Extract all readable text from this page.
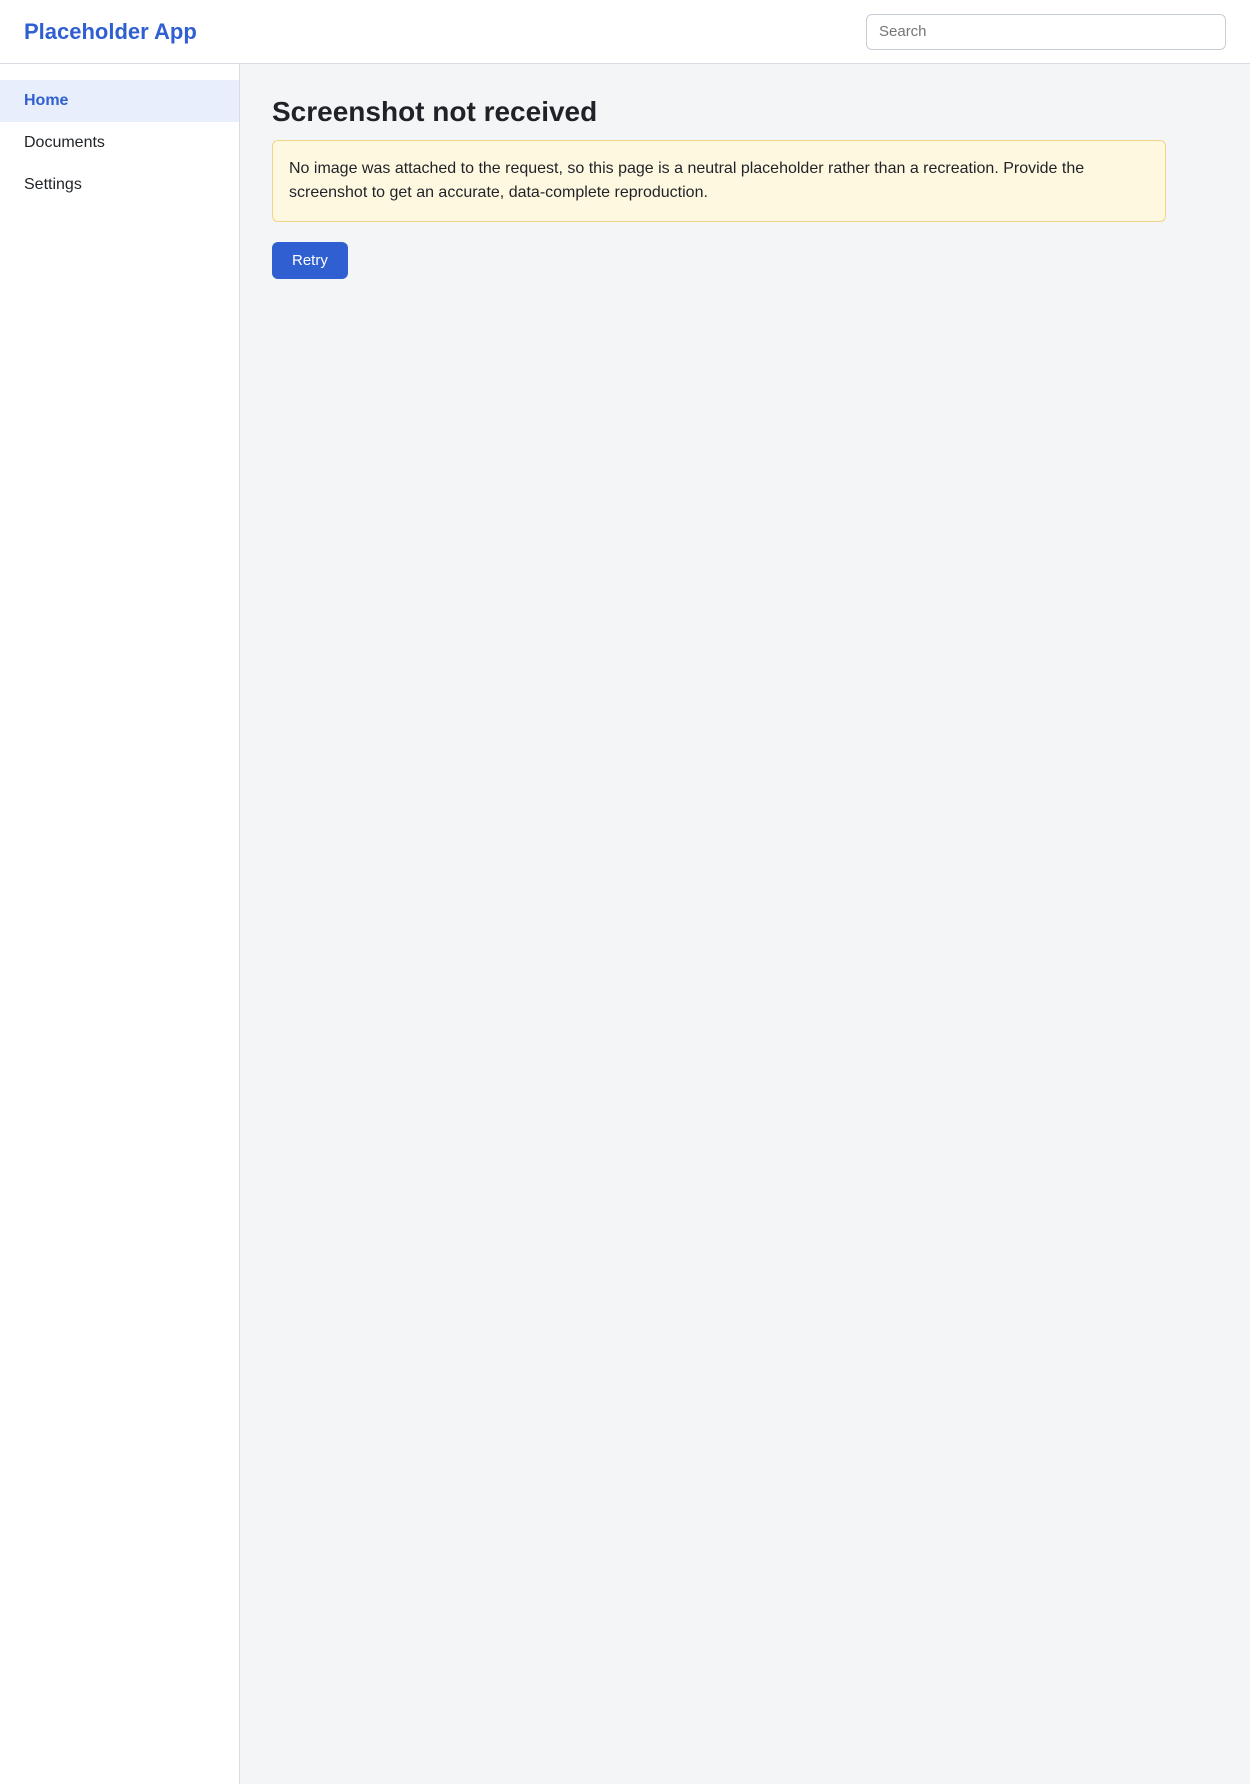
Placeholder App
Search
Home
Documents
Settings
Screenshot not received
No image was attached to the request, so this page is a neutral placeholder rather than a recreation. Provide the screenshot to get an accurate, data-complete reproduction.
Retry
